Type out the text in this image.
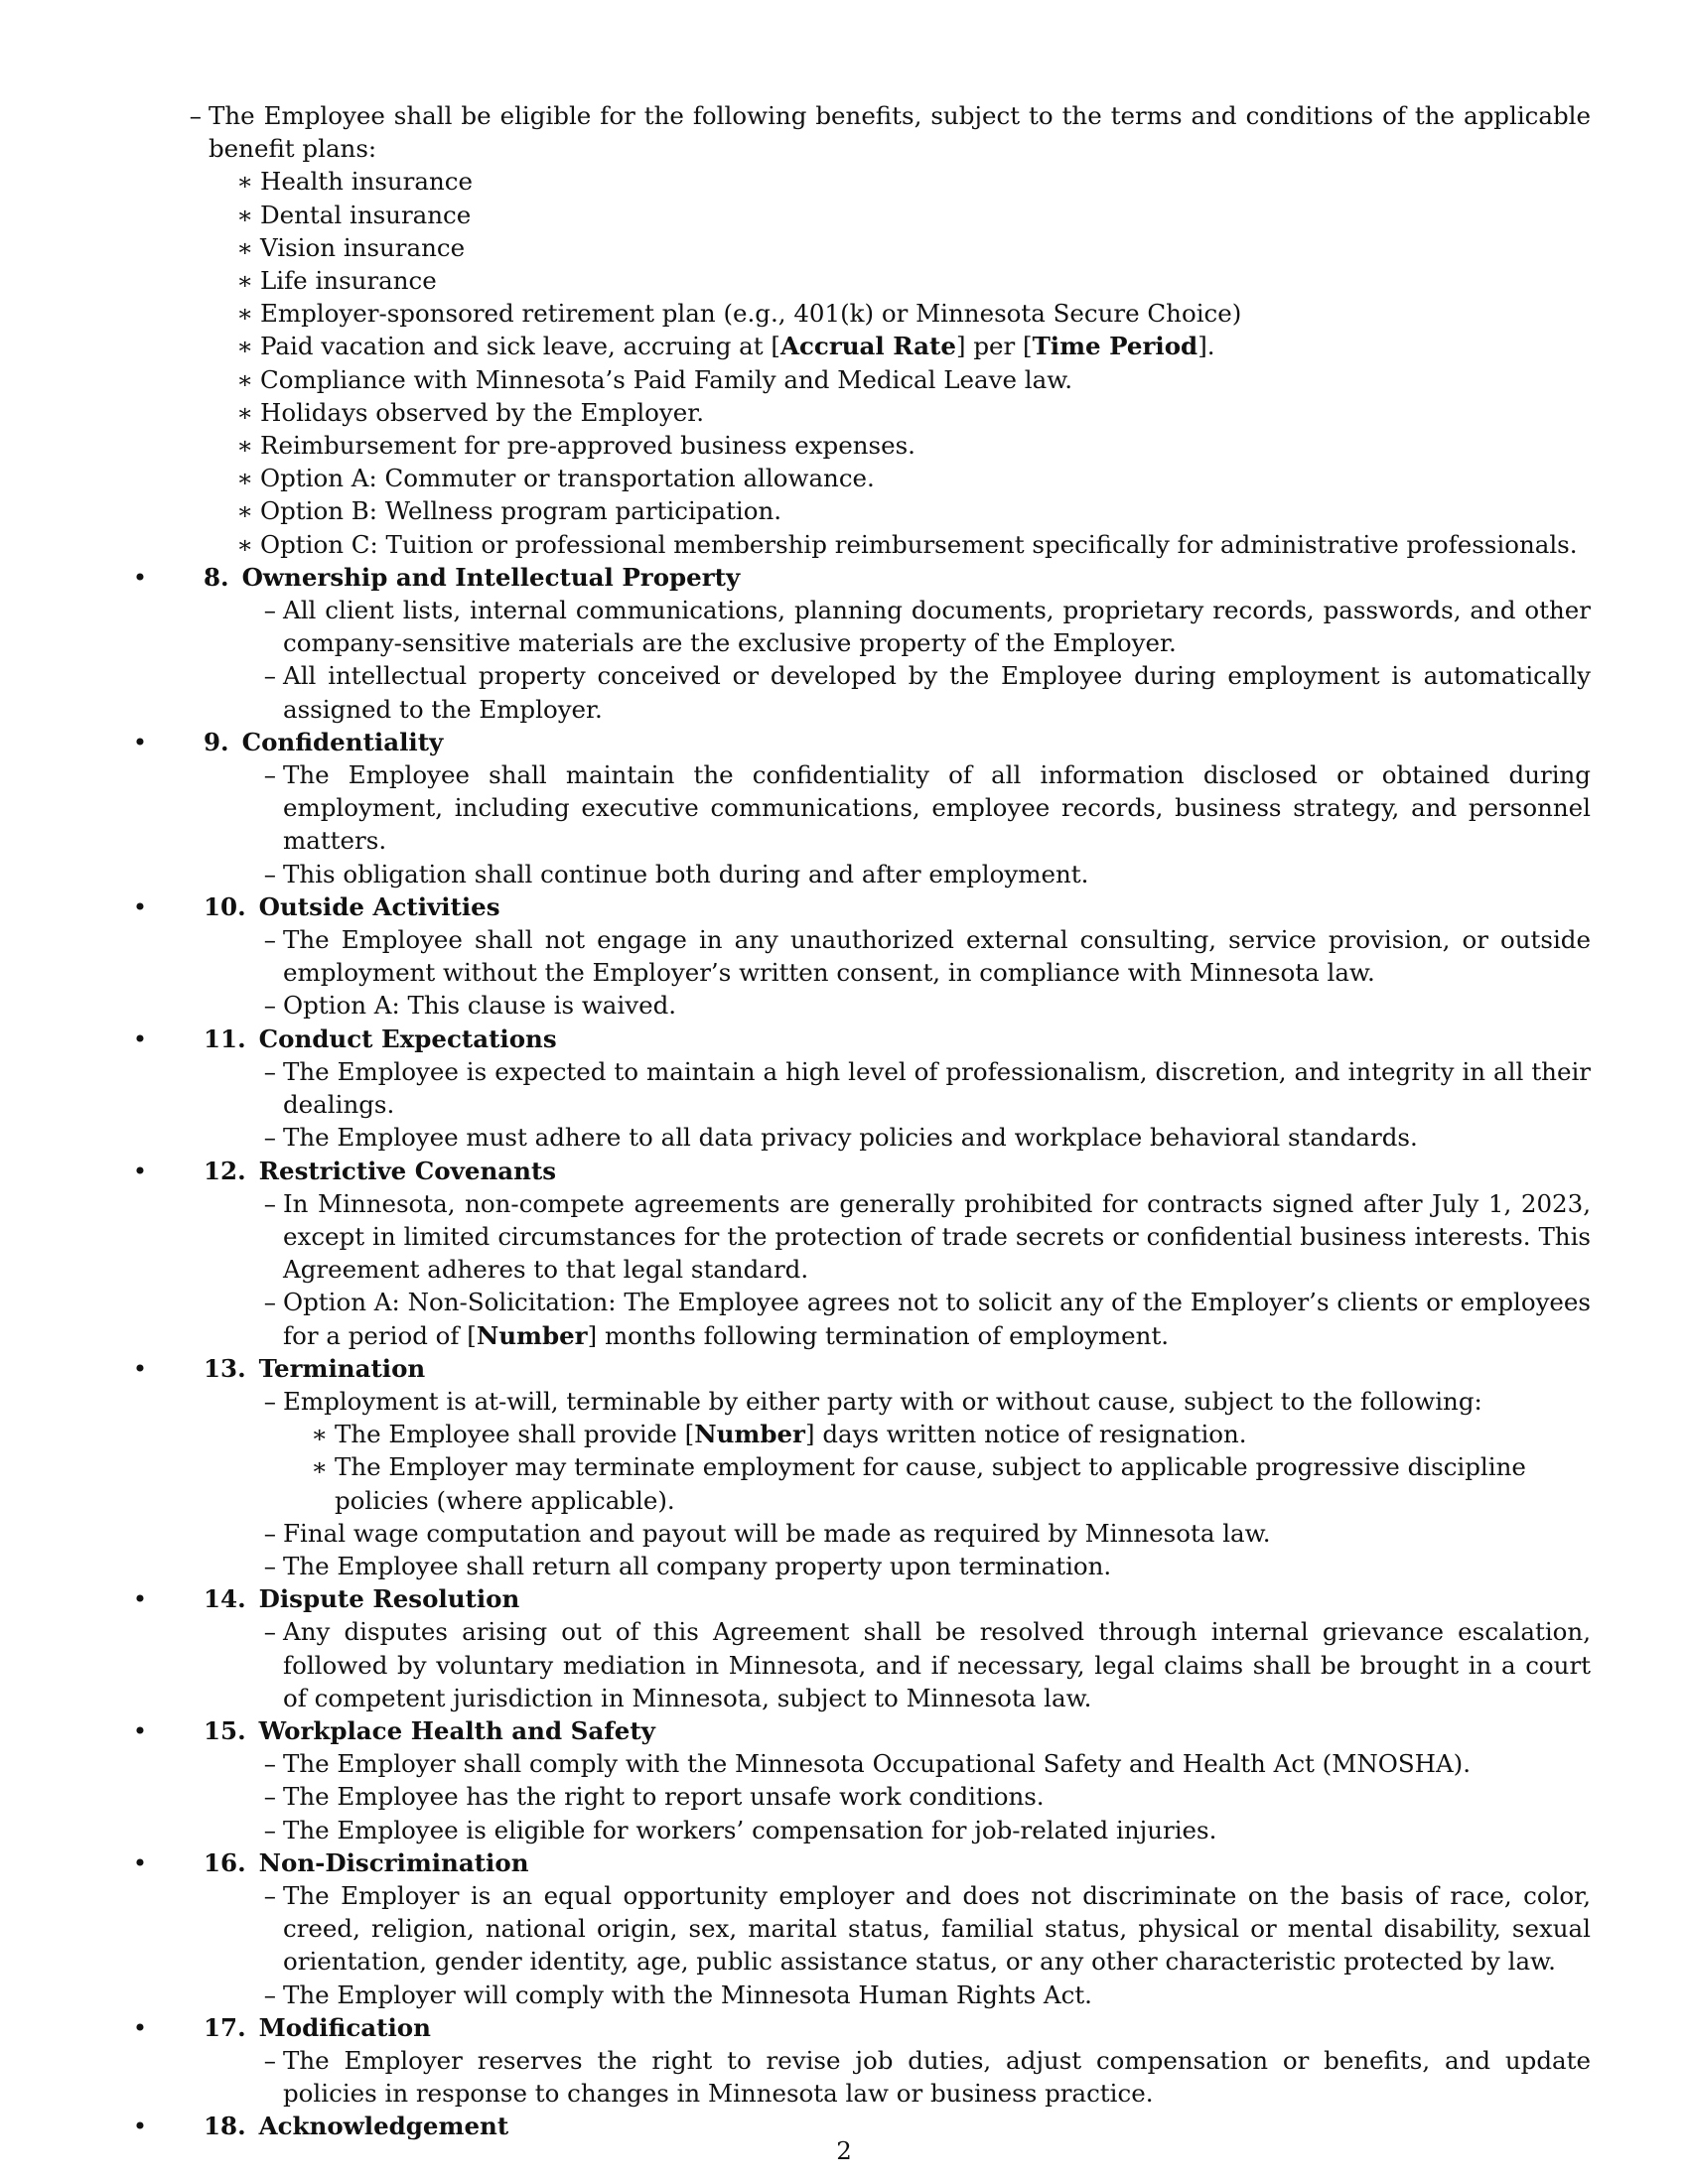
– The Employee shall be eligible for the following benefits, subject to the terms and conditions of the applicable benefit plans:
∗ Health insurance
∗ Dental insurance
∗ Vision insurance
∗ Life insurance
∗ Employer-sponsored retirement plan (e.g., 401(k) or Minnesota Secure Choice)
∗ Paid vacation and sick leave, accruing at [Accrual Rate] per [Time Period].
∗ Compliance with Minnesota’s Paid Family and Medical Leave law.
∗ Holidays observed by the Employer.
∗ Reimbursement for pre-approved business expenses.
∗ Option A: Commuter or transportation allowance.
∗ Option B: Wellness program participation.
∗ Option C: Tuition or professional membership reimbursement specifically for administrative professionals.
• 8. Ownership and Intellectual Property
– All client lists, internal communications, planning documents, proprietary records, passwords, and other company-sensitive materials are the exclusive property of the Employer.
– All intellectual property conceived or developed by the Employee during employment is automatically assigned to the Employer.
• 9. Confidentiality
– The Employee shall maintain the confidentiality of all information disclosed or obtained during employment, including executive communications, employee records, business strategy, and personnel matters.
– This obligation shall continue both during and after employment.
• 10. Outside Activities
– The Employee shall not engage in any unauthorized external consulting, service provision, or outside employment without the Employer’s written consent, in compliance with Minnesota law.
– Option A: This clause is waived.
• 11. Conduct Expectations
– The Employee is expected to maintain a high level of professionalism, discretion, and integrity in all their dealings.
– The Employee must adhere to all data privacy policies and workplace behavioral standards.
• 12. Restrictive Covenants
– In Minnesota, non-compete agreements are generally prohibited for contracts signed after July 1, 2023, except in limited circumstances for the protection of trade secrets or confidential business interests. This Agreement adheres to that legal standard.
– Option A: Non-Solicitation: The Employee agrees not to solicit any of the Employer’s clients or employees for a period of [Number] months following termination of employment.
• 13. Termination
– Employment is at-will, terminable by either party with or without cause, subject to the following:
∗ The Employee shall provide [Number] days written notice of resignation.
∗ The Employer may terminate employment for cause, subject to applicable progressive discipline policies (where applicable).
– Final wage computation and payout will be made as required by Minnesota law.
– The Employee shall return all company property upon termination.
• 14. Dispute Resolution
– Any disputes arising out of this Agreement shall be resolved through internal grievance escalation, followed by voluntary mediation in Minnesota, and if necessary, legal claims shall be brought in a court of competent jurisdiction in Minnesota, subject to Minnesota law.
• 15. Workplace Health and Safety
– The Employer shall comply with the Minnesota Occupational Safety and Health Act (MNOSHA).
– The Employee has the right to report unsafe work conditions.
– The Employee is eligible for workers’ compensation for job-related injuries.
• 16. Non-Discrimination
– The Employer is an equal opportunity employer and does not discriminate on the basis of race, color, creed, religion, national origin, sex, marital status, familial status, physical or mental disability, sexual orientation, gender identity, age, public assistance status, or any other characteristic protected by law.
– The Employer will comply with the Minnesota Human Rights Act.
• 17. Modification
– The Employer reserves the right to revise job duties, adjust compensation or benefits, and update policies in response to changes in Minnesota law or business practice.
• 18. Acknowledgement
2
